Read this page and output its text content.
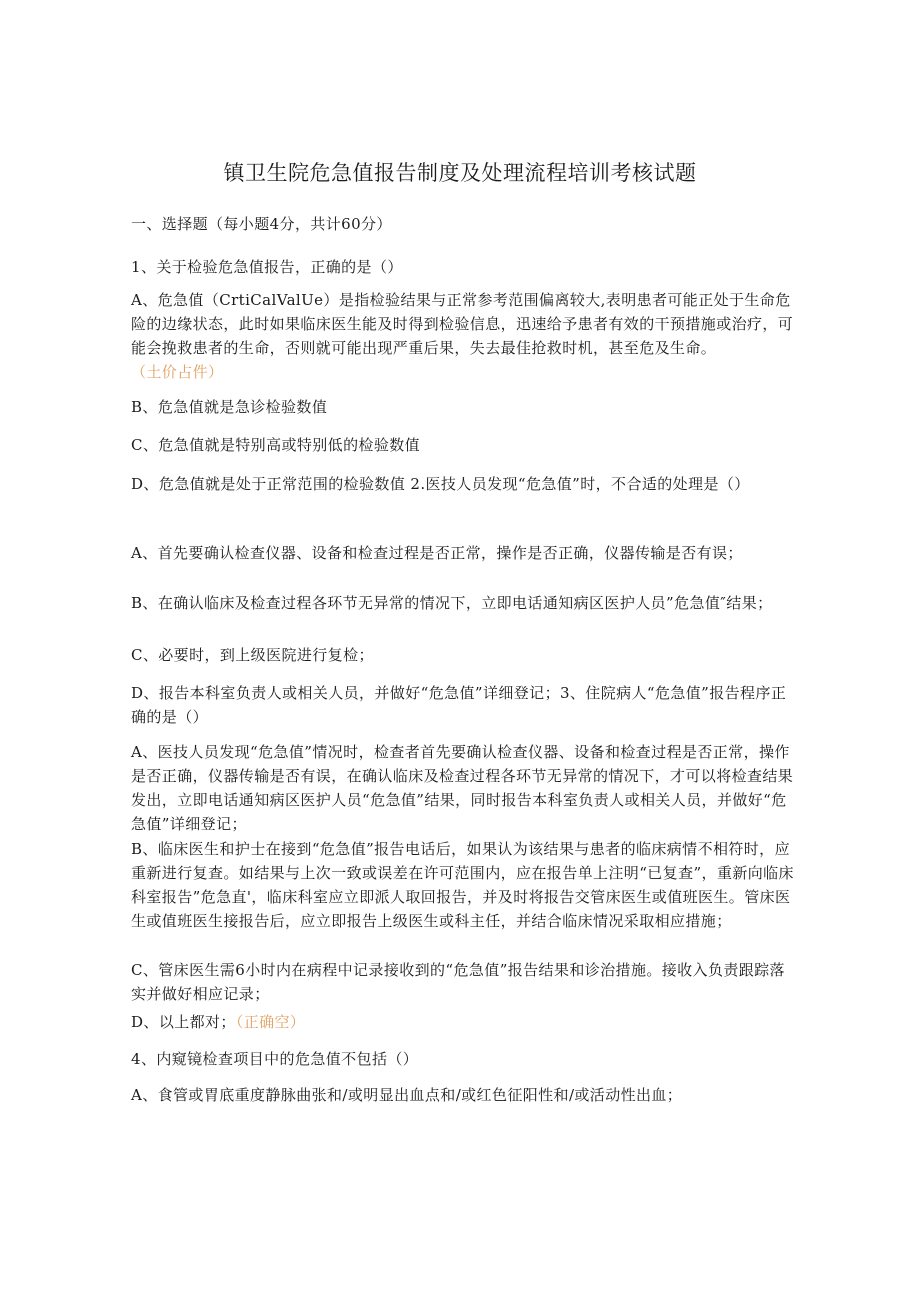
镇卫生院危急值报告制度及处理流程培训考核试题

一、选择题（每小题4分，共计60分）

1、关于检验危急值报告，正确的是（）

A、危急值（CrtiCalValUe）是指检验结果与正常参考范围偏离较大,表明患者可能正处于生命危险的边缘状态，此时如果临床医生能及时得到检验信息，迅速给予患者有效的干预措施或治疗，可能会挽救患者的生命，否则就可能出现严重后果，失去最佳抢救时机，甚至危及生命。（土价占件）

B、危急值就是急诊检验数值

C、危急值就是特别高或特别低的检验数值

D、危急值就是处于正常范围的检验数值 2.医技人员发现“危急值”时，不合适的处理是（）

A、首先要确认检查仪器、设备和检查过程是否正常，操作是否正确，仪器传输是否有误；

B、在确认临床及检查过程各环节无异常的情况下，立即电话通知病区医护人员”危急值″结果；

C、必要时，到上级医院进行复检；

D、报告本科室负责人或相关人员，并做好“危急值”详细登记；3、住院病人“危急值”报告程序正确的是（）

A、医技人员发现“危急值”情况时，检查者首先要确认检查仪器、设备和检查过程是否正常，操作是否正确，仪器传输是否有误，在确认临床及检查过程各环节无异常的情况下，才可以将检查结果发出，立即电话通知病区医护人员“危急值”结果，同时报告本科室负责人或相关人员，并做好“危急值”详细登记；

B、临床医生和护士在接到“危急值”报告电话后，如果认为该结果与患者的临床病情不相符时，应重新进行复查。如结果与上次一致或误差在许可范围内，应在报告单上注明“已复查”，重新向临床科室报告”危急直'，临床科室应立即派人取回报告，并及时将报告交管床医生或值班医生。管床医生或值班医生接报告后，应立即报告上级医生或科主任，并结合临床情况采取相应措施；

C、管床医生需6小时内在病程中记录接收到的“危急值”报告结果和诊治措施。接收入负责跟踪落实并做好相应记录；

D、以上都对；（正确空）

4、内窥镜检查项目中的危急值不包括（）

A、食管或胃底重度静脉曲张和/或明显出血点和/或红色征阳性和/或活动性出血；
